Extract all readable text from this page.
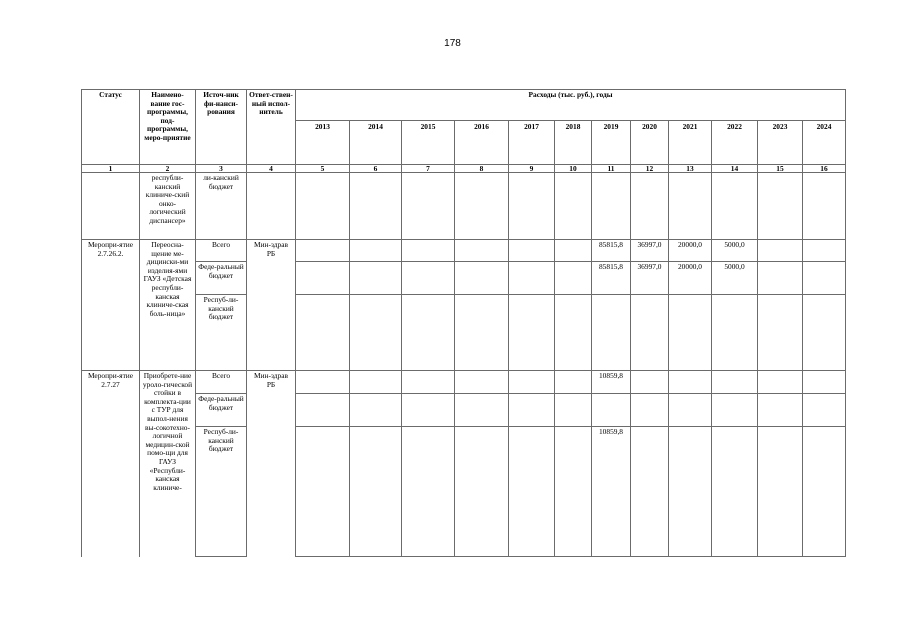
178
Статус	Наимено-вание гос-программы, под-программы, меро-приятие	Источ-ник фи-нанси-рования	Ответ-ствен-ный испол-нитель	Расходы (тыс. руб.), годы											
				2013	2014	2015	2016	2017	2018	2019	2020	2021	2022	2023	2024
1	2	3	4	5	6	7	8	9	10	11	12	13	14	15	16
	республи-канский клиниче-ский онко-логический диспансер»	ли-канский бюджет													
Меропри-ятие 2.7.26.2.	Переосна-щение ме-дицински-ми изделия-ями ГАУЗ «Детская республи-канская клиниче-ская боль-ница»	Всего	Мин-здрав РБ							85815,8	36997,0	20000,0	5000,0		
		Феде-ральный бюджет								85815,8	36997,0	20000,0	5000,0		
		Респуб-ли-канский бюджет													
Меропри-ятие 2.7.27	Приобрете-ние уроло-гической стойки в комплекта-ции с ТУР для выпол-нения вы-сокотехно-логичной медицин-ской помо-щи для ГАУЗ «Республи-канская клиниче-	Всего	Мин-здрав РБ							10859,8					
		Феде-ральный бюджет													
		Респуб-ли-канский бюджет								10859,8					
